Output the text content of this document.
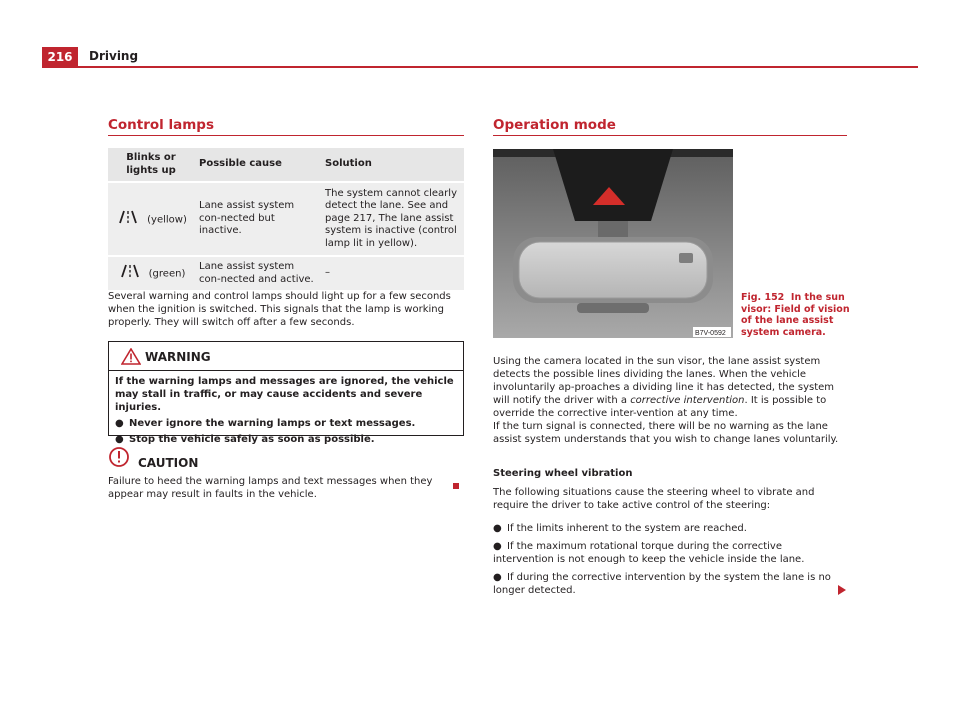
216	Driving
Control lamps
Blinks or lights up	Possible cause	Solution
(yellow)	Lane assist system con-nected but inactive.	The system cannot clearly detect the lane. See and page 217, The lane assist system is inactive (control lamp lit in yellow).
(green)	Lane assist system con-nected and active.	–

Several warning and control lamps should light up for a few seconds when the ignition is switched. This signals that the lamp is working properly. They will switch off after a few seconds.

WARNING
If the warning lamps and messages are ignored, the vehicle may stall in traffic, or may cause accidents and severe injuries.
● Never ignore the warning lamps or text messages.
● Stop the vehicle safely as soon as possible.
CAUTION

Failure to heed the warning lamps and text messages when they appear may result in faults in the vehicle.

Operation mode
B7V-0592
Fig. 152 In the sun visor: Field of vision of the lane assist system camera.

Using the camera located in the sun visor, the lane assist system detects the possible lines dividing the lanes. When the vehicle involuntarily ap-proaches a dividing line it has detected, the system will notify the driver with a corrective intervention. It is possible to override the corrective inter-vention at any time.

If the turn signal is connected, there will be no warning as the lane assist system understands that you wish to change lanes voluntarily.

Steering wheel vibration

The following situations cause the steering wheel to vibrate and require the driver to take active control of the steering:

● If the limits inherent to the system are reached.

● If the maximum rotational torque during the corrective intervention is not enough to keep the vehicle inside the lane.

● If during the corrective intervention by the system the lane is no longer detected.
